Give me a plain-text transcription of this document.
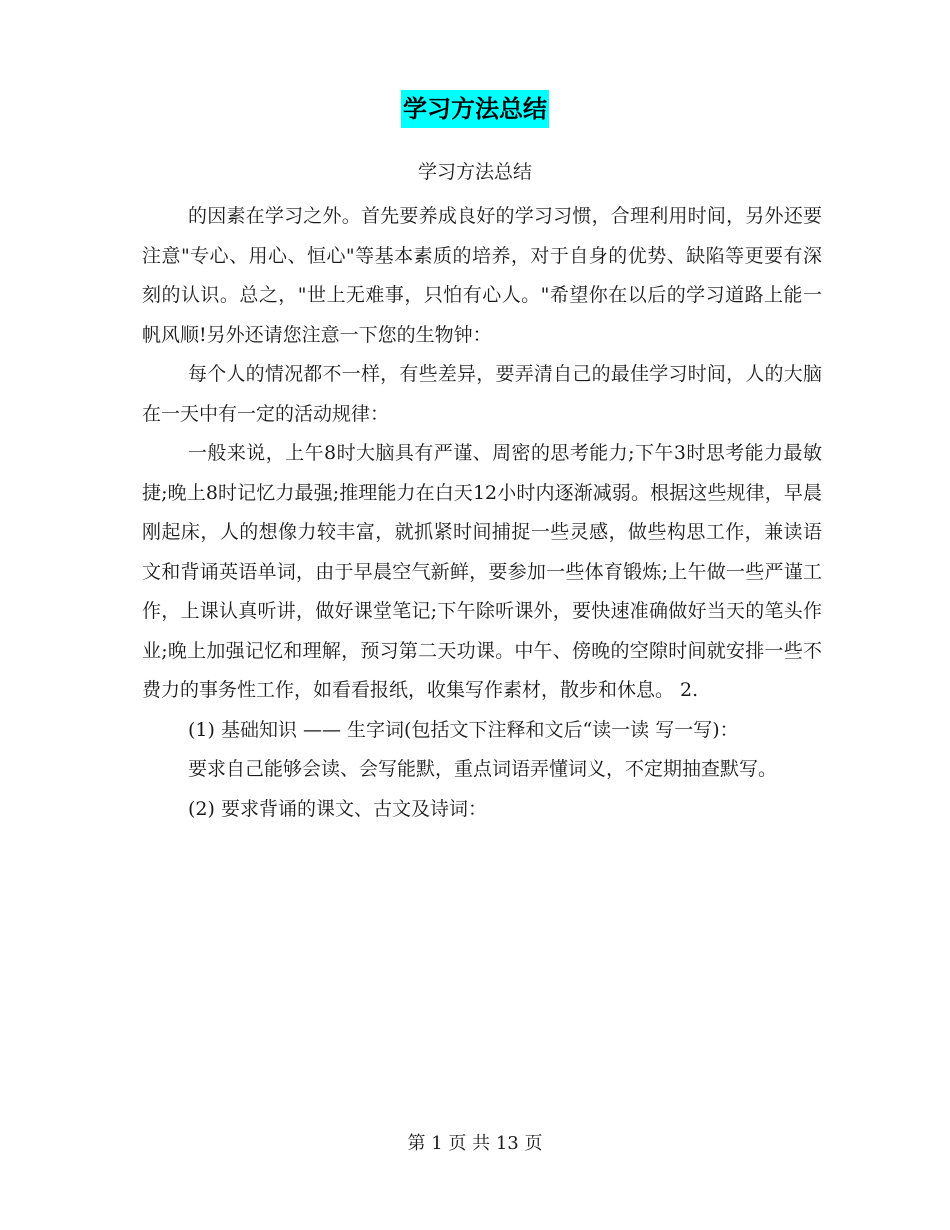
学习方法总结
学习方法总结

的因素在学习之外。首先要养成良好的学习习惯，合理利用时间，另外还要注意"专心、用心、恒心"等基本素质的培养，对于自身的优势、缺陷等更要有深刻的认识。总之，"世上无难事，只怕有心人。"希望你在以后的学习道路上能一帆风顺!另外还请您注意一下您的生物钟：

每个人的情况都不一样，有些差异，要弄清自己的最佳学习时间，人的大脑在一天中有一定的活动规律：

一般来说，上午8时大脑具有严谨、周密的思考能力;下午3时思考能力最敏捷;晚上8时记忆力最强;推理能力在白天12小时内逐渐减弱。根据这些规律，早晨刚起床，人的想像力较丰富，就抓紧时间捕捉一些灵感，做些构思工作，兼读语文和背诵英语单词，由于早晨空气新鲜，要参加一些体育锻炼;上午做一些严谨工作，上课认真听讲，做好课堂笔记;下午除听课外，要快速准确做好当天的笔头作业;晚上加强记忆和理解，预习第二天功课。中午、傍晚的空隙时间就安排一些不费力的事务性工作，如看看报纸，收集写作素材，散步和休息。 2.

(1) 基础知识 —— 生字词(包括文下注释和文后“读一读 写一写)：

要求自己能够会读、会写能默，重点词语弄懂词义，不定期抽查默写。

(2) 要求背诵的课文、古文及诗词：

第 1 页 共 13 页
